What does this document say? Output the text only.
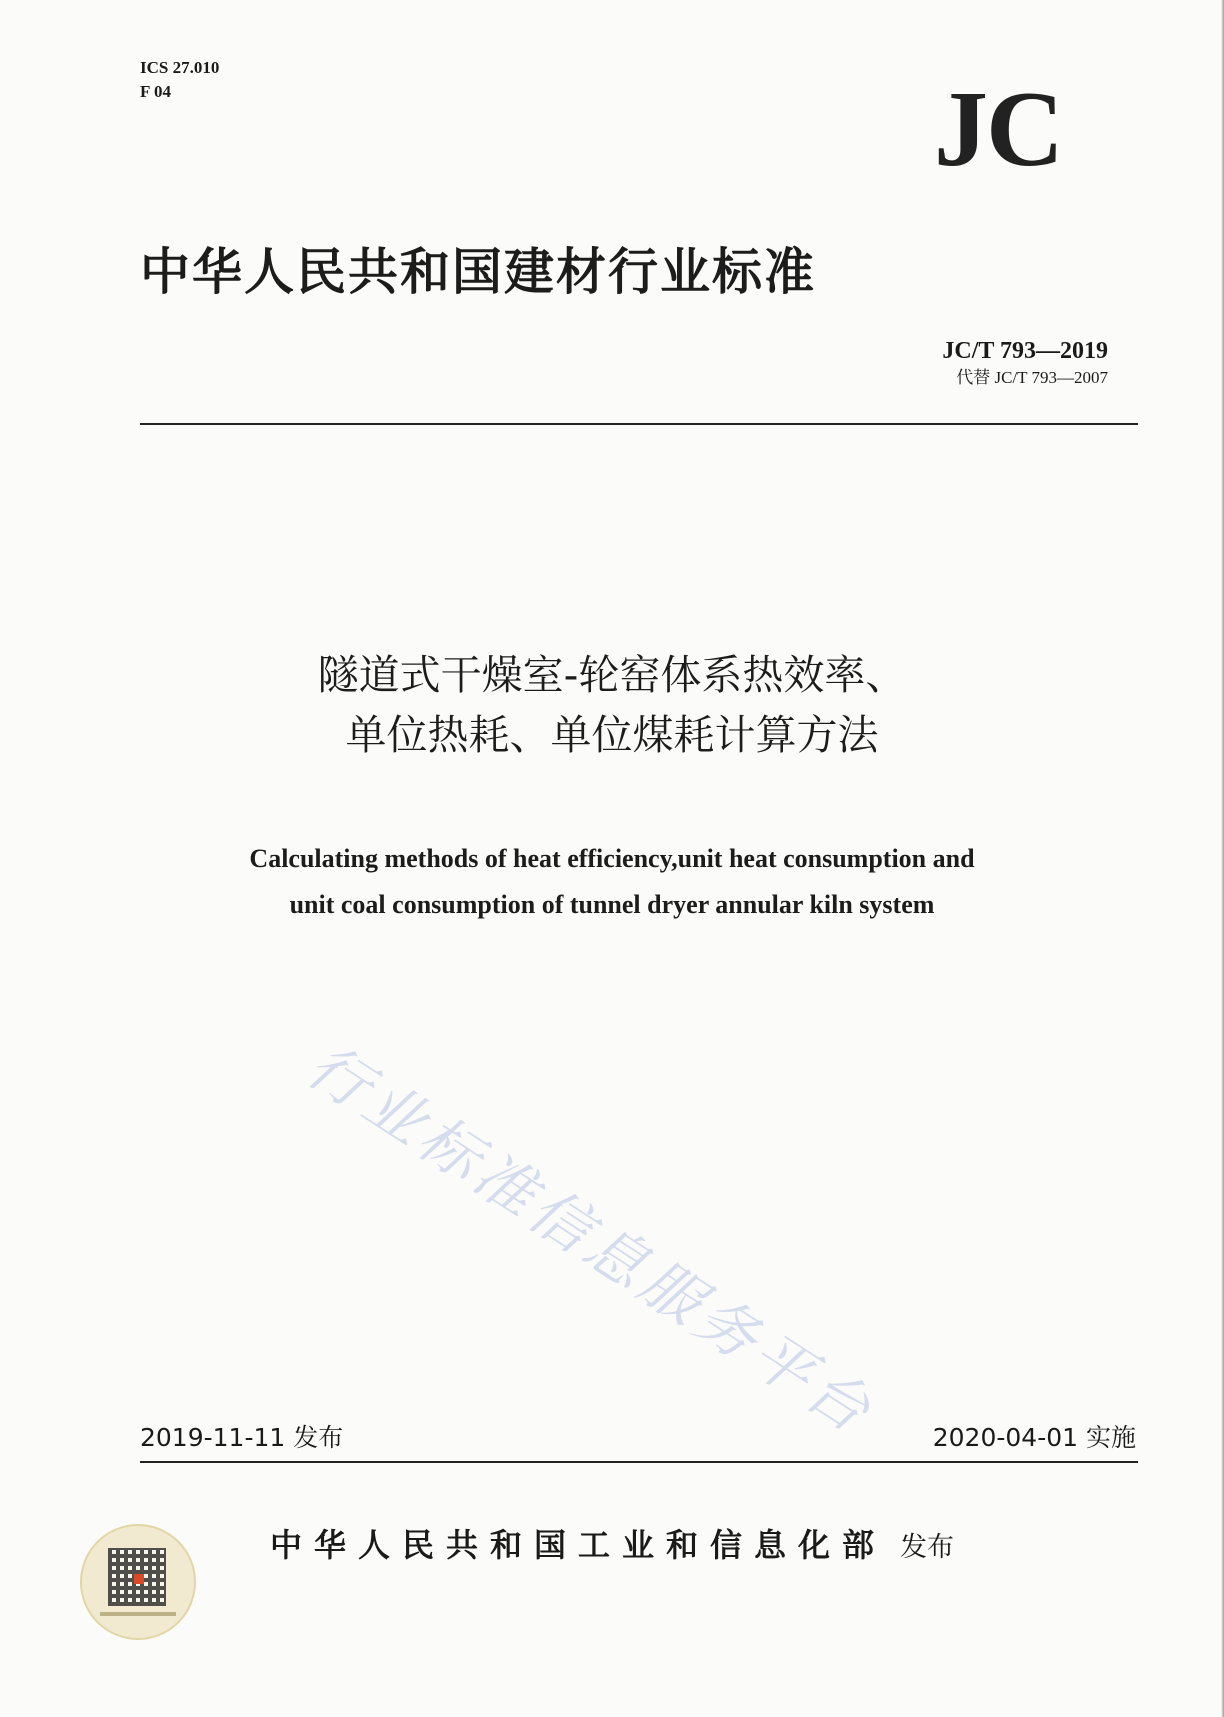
ICS 27.010
F 04	JC
中华人民共和国建材行业标准
JC/T 793—2019
代替 JC/T 793—2007
隧道式干燥室-轮窑体系热效率、
单位热耗、单位煤耗计算方法
Calculating methods of heat efficiency,unit heat consumption and
unit coal consumption of tunnel dryer annular kiln system
行业标准信息服务平台
2019-11-11 发布	2020-04-01 实施
中华人民共和国工业和信息化部 发布
